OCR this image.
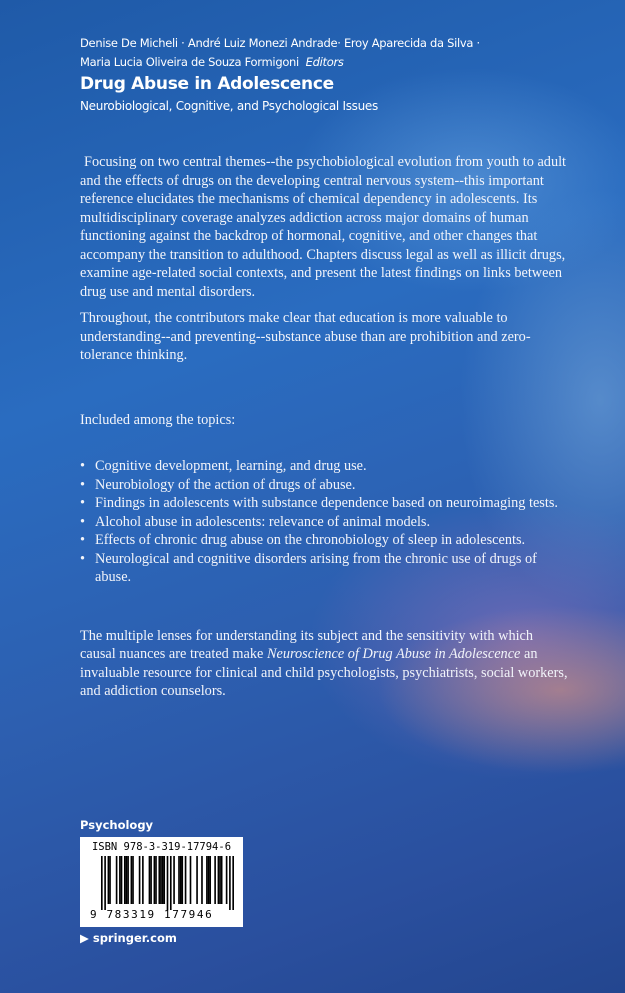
Denise De Micheli · André Luiz Monezi Andrade· Eroy Aparecida da Silva ·
Maria Lucia Oliveira de Souza Formigoni Editors
Drug Abuse in Adolescence
Neurobiological, Cognitive, and Psychological Issues

Focusing on two central themes--the psychobiological evolution from youth to adult and the effects of drugs on the developing central nervous system--this important reference elucidates the mechanisms of chemical dependency in adolescents. Its multidisciplinary coverage analyzes addiction across major domains of human functioning against the backdrop of hormonal, cognitive, and other changes that accompany the transition to adulthood. Chapters discuss legal as well as illicit drugs, examine age-related social contexts, and present the latest findings on links between drug use and mental disorders.

Throughout, the contributors make clear that education is more valuable to understanding--and preventing--substance abuse than are prohibition and zero-tolerance thinking.

Included among the topics:

• Cognitive development, learning, and drug use.
• Neurobiology of the action of drugs of abuse.
• Findings in adolescents with substance dependence based on neuroimaging tests.
• Alcohol abuse in adolescents: relevance of animal models.
• Effects of chronic drug abuse on the chronobiology of sleep in adolescents.
• Neurological and cognitive disorders arising from the chronic use of drugs of abuse.

The multiple lenses for understanding its subject and the sensitivity with which causal nuances are treated make Neuroscience of Drug Abuse in Adolescence an invaluable resource for clinical and child psychologists, psychiatrists, social workers, and addiction counselors.

Psychology
ISBN 978-3-319-17794-6
9 783319 177946
▶ springer.com
